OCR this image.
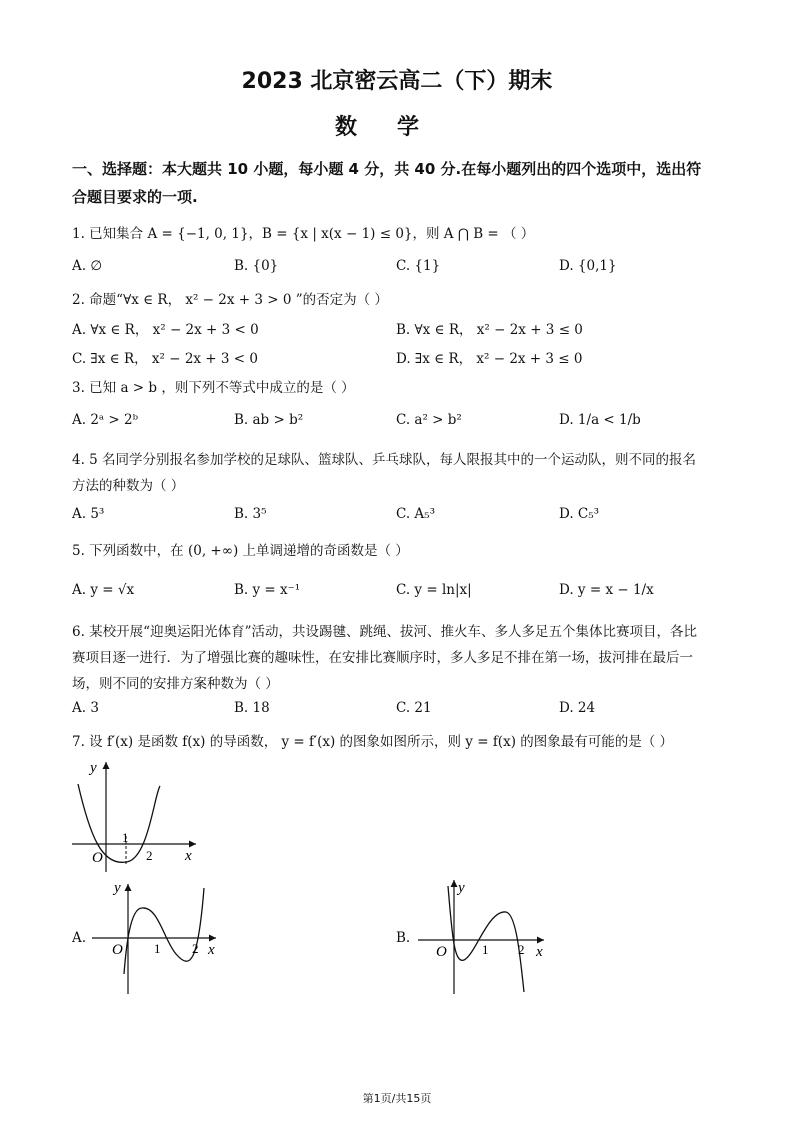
2023 北京密云高二（下）期末
数学
一、选择题：本大题共 10 小题，每小题 4 分，共 40 分.在每小题列出的四个选项中，选出符
合题目要求的一项.
1. 已知集合 A = {−1, 0, 1}，B = {x | x(x − 1) ≤ 0}，则 A ⋂ B = （ ）
A. ∅	B. {0}	C. {1}	D. {0,1}
2. 命题“∀x ∈ R， x² − 2x + 3 > 0 ”的否定为（ ）
A. ∀x ∈ R， x² − 2x + 3 < 0	B. ∀x ∈ R， x² − 2x + 3 ≤ 0
C. ∃x ∈ R， x² − 2x + 3 < 0	D. ∃x ∈ R， x² − 2x + 3 ≤ 0
3. 已知 a > b ，则下列不等式中成立的是（ ）
A. 2ᵃ > 2ᵇ	B. ab > b²	C. a² > b²	D. 1/a < 1/b
4. 5 名同学分别报名参加学校的足球队、篮球队、乒乓球队，每人限报其中的一个运动队，则不同的报名
方法的种数为（ ）
A. 5³	B. 3⁵	C. A₅³	D. C₅³
5. 下列函数中，在 (0, +∞) 上单调递增的奇函数是（ ）
A. y = √x	B. y = x⁻¹	C. y = ln|x|	D. y = x − 1/x
6. 某校开展“迎奥运阳光体育”活动，共设踢毽、跳绳、拔河、推火车、多人多足五个集体比赛项目，各比
赛项目逐一进行．为了增强比赛的趣味性，在安排比赛顺序时，多人多足不排在第一场，拔河排在最后一
场，则不同的安排方案种数为（ ）
A. 3	B. 18	C. 21	D. 24
7. 设 f′(x) 是函数 f(x) 的导函数， y = f′(x) 的图象如图所示，则 y = f(x) 的图象最有可能的是（ ）
y
x
O
1
2
A.
y
x
O 1 2
B.
y
x
O	1 2
第1页/共15页
